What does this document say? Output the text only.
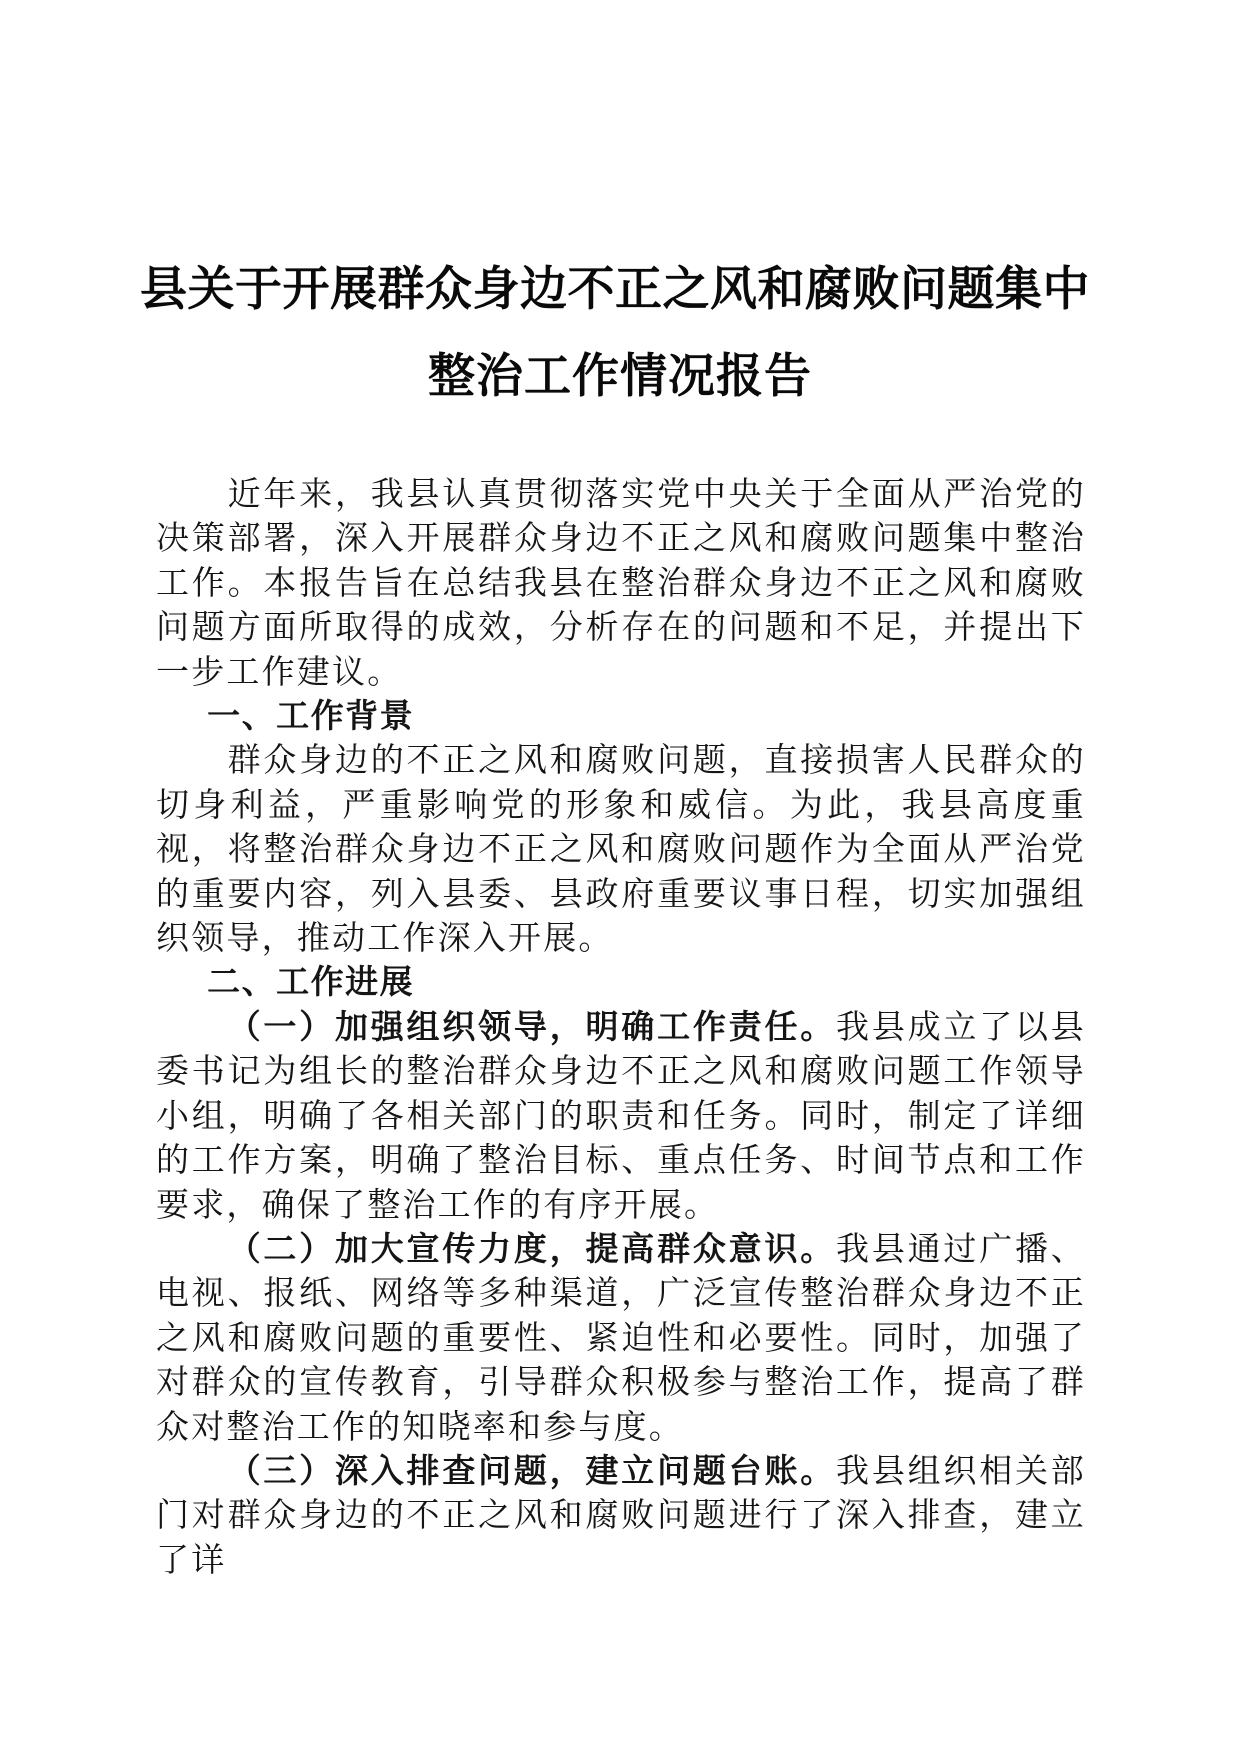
县关于开展群众身边不正之风和腐败问题集中
整治工作情况报告

近年来，我县认真贯彻落实党中央关于全面从严治党的决策部署，深入开展群众身边不正之风和腐败问题集中整治工作。本报告旨在总结我县在整治群众身边不正之风和腐败问题方面所取得的成效，分析存在的问题和不足，并提出下一步工作建议。

一、工作背景

群众身边的不正之风和腐败问题，直接损害人民群众的切身利益，严重影响党的形象和威信。为此，我县高度重视，将整治群众身边不正之风和腐败问题作为全面从严治党的重要内容，列入县委、县政府重要议事日程，切实加强组织领导，推动工作深入开展。

二、工作进展

（一）加强组织领导，明确工作责任。我县成立了以县委书记为组长的整治群众身边不正之风和腐败问题工作领导小组，明确了各相关部门的职责和任务。同时，制定了详细的工作方案，明确了整治目标、重点任务、时间节点和工作要求，确保了整治工作的有序开展。

（二）加大宣传力度，提高群众意识。我县通过广播、电视、报纸、网络等多种渠道，广泛宣传整治群众身边不正之风和腐败问题的重要性、紧迫性和必要性。同时，加强了对群众的宣传教育，引导群众积极参与整治工作，提高了群众对整治工作的知晓率和参与度。

（三）深入排查问题，建立问题台账。我县组织相关部门对群众身边的不正之风和腐败问题进行了深入排查，建立了详
